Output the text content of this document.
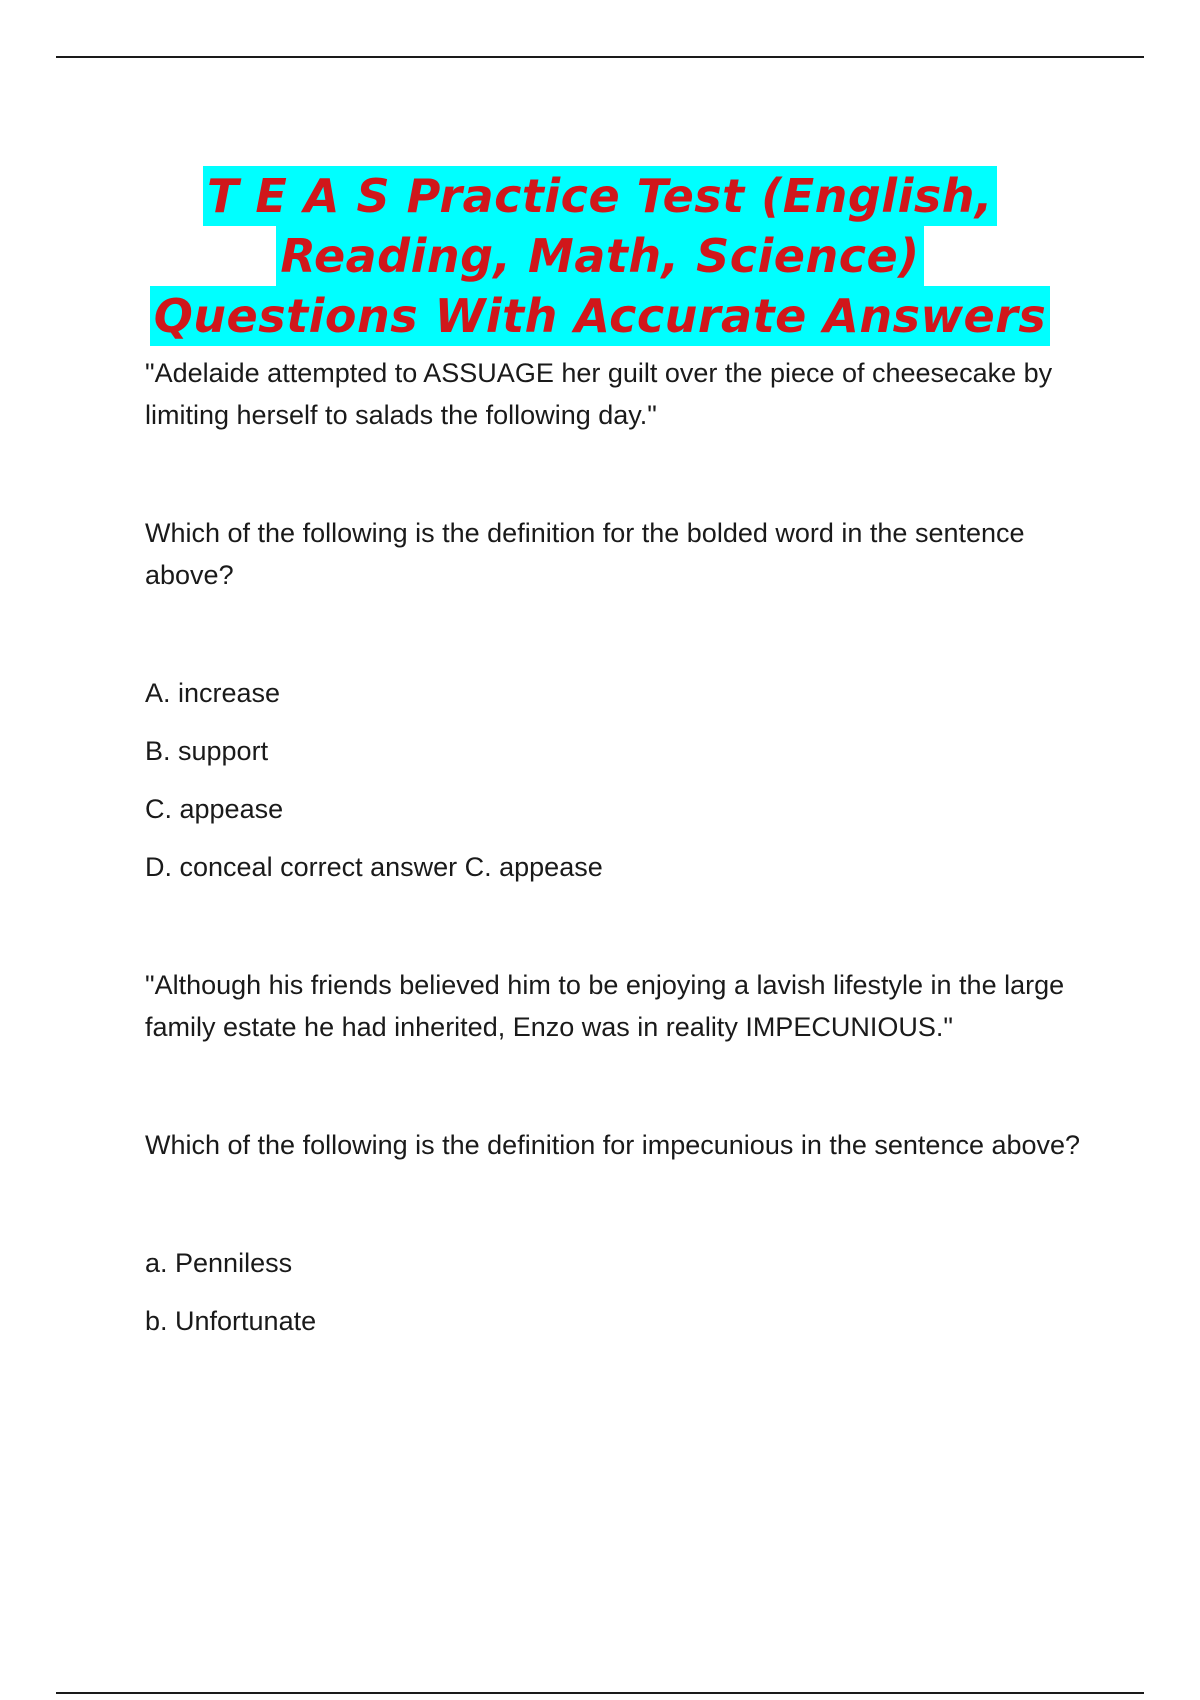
T E A S Practice Test (English,
Reading, Math, Science)
Questions With Accurate Answers

"Adelaide attempted to ASSUAGE her guilt over the piece of cheesecake by limiting herself to salads the following day."

Which of the following is the definition for the bolded word in the sentence above?

A. increase

B. support

C. appease

D. conceal correct answer C. appease

"Although his friends believed him to be enjoying a lavish lifestyle in the large family estate he had inherited, Enzo was in reality IMPECUNIOUS."

Which of the following is the definition for impecunious in the sentence above?

a. Penniless

b. Unfortunate
